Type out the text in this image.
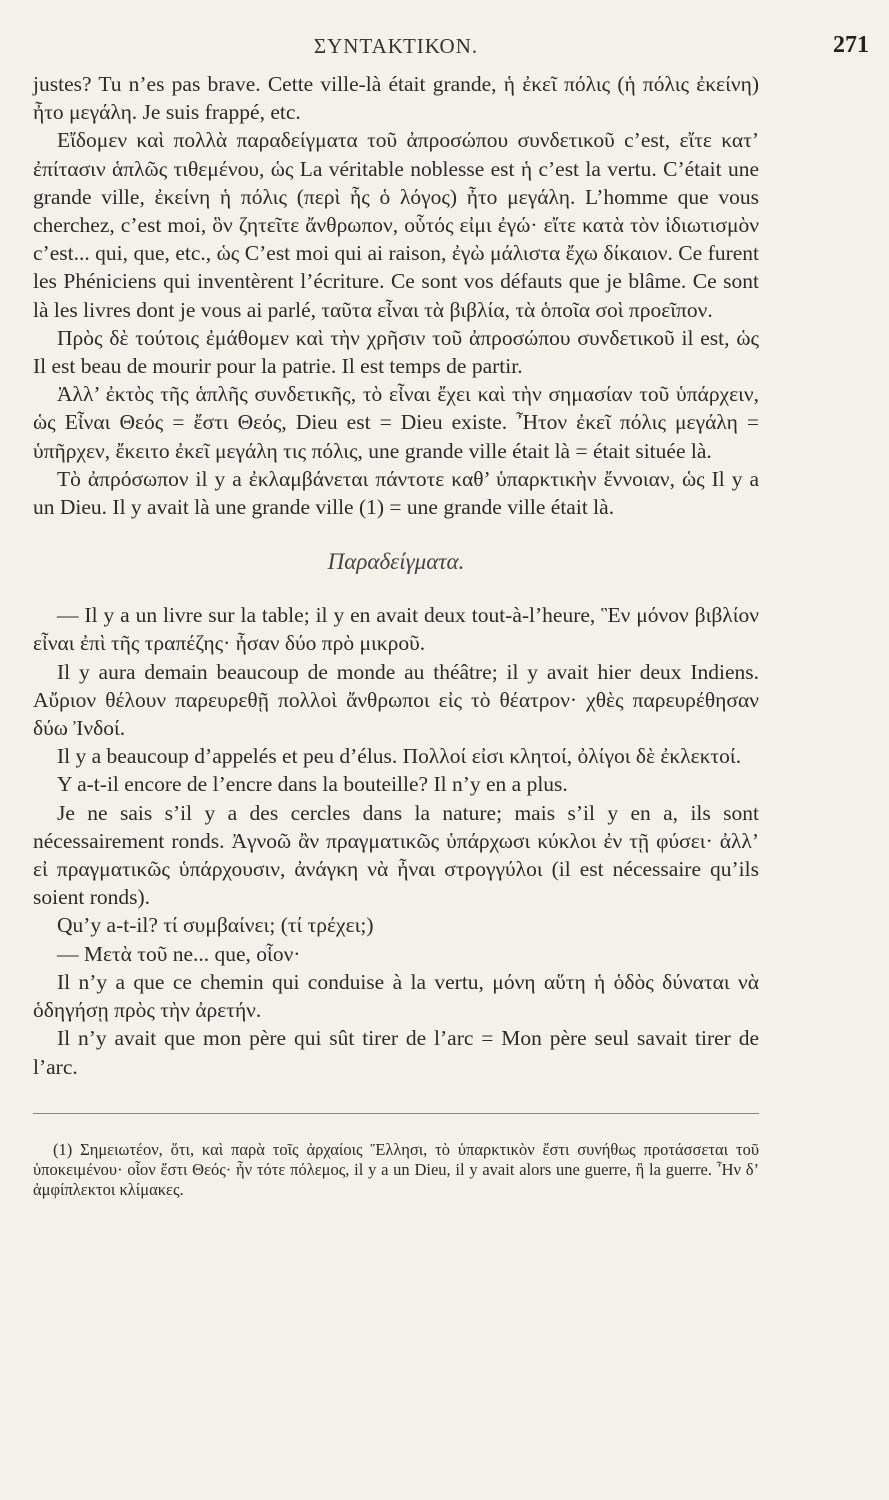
ΣΥΝΤΑΚΤΙΚΟΝ.	271

justes? Tu n’es pas brave. Cette ville-là était grande, ἡ ἐκεῖ πόλις (ἡ πόλις ἐκείνη) ἦτο μεγάλη. Je suis frappé, etc.

Εἴδομεν καὶ πολλὰ παραδείγματα τοῦ ἀπροσώπου συνδετικοῦ c’est, εἴτε κατ’ ἐπίτασιν ἁπλῶς τιθεμένου, ὡς La véritable noblesse est ἡ c’est la vertu. C’était une grande ville, ἐκείνη ἡ πόλις (περὶ ἧς ὁ λόγος) ἦτο μεγάλη. L’homme que vous cherchez, c’est moi, ὃν ζητεῖτε ἄνθρωπον, οὗτός εἰμι ἐγώ· εἴτε κατὰ τὸν ἰδιωτισμὸν c’est... qui, que, etc., ὡς C’est moi qui ai raison, ἐγὼ μάλιστα ἔχω δίκαιον. Ce furent les Phéniciens qui inventèrent l’écriture. Ce sont vos défauts que je blâme. Ce sont là les livres dont je vous ai parlé, ταῦτα εἶναι τὰ βιβλία, τὰ ὁποῖα σοὶ προεῖπον.

Πρὸς δὲ τούτοις ἐμάθομεν καὶ τὴν χρῆσιν τοῦ ἀπροσώπου συνδετικοῦ il est, ὡς Il est beau de mourir pour la patrie. Il est temps de partir.

Ἀλλ’ ἐκτὸς τῆς ἁπλῆς συνδετικῆς, τὸ εἶναι ἔχει καὶ τὴν σημασίαν τοῦ ὑπάρχειν, ὡς Εἶναι Θεός = ἔστι Θεός, Dieu est = Dieu existe. Ἦτον ἐκεῖ πόλις μεγάλη = ὑπῆρχεν, ἔκειτο ἐκεῖ μεγάλη τις πόλις, une grande ville était là = était située là.

Τὸ ἀπρόσωπον il y a ἐκλαμβάνεται πάντοτε καθ’ ὑπαρκτικὴν ἔννοιαν, ὡς Il y a un Dieu. Il y avait là une grande ville (1) = une grande ville était là.

Παραδείγματα.

— Il y a un livre sur la table; il y en avait deux tout-à-l’heure, Ἓν μόνον βιβλίον εἶναι ἐπὶ τῆς τραπέζης· ἦσαν δύο πρὸ μικροῦ.

Il y aura demain beaucoup de monde au théâtre; il y avait hier deux Indiens. Αὔριον θέλουν παρευρεθῇ πολλοὶ ἄνθρωποι εἰς τὸ θέατρον· χθὲς παρευρέθησαν δύω Ἰνδοί.

Il y a beaucoup d’appelés et peu d’élus. Πολλοί εἰσι κλητοί, ὀλίγοι δὲ ἐκλεκτοί.

Y a-t-il encore de l’encre dans la bouteille? Il n’y en a plus.

Je ne sais s’il y a des cercles dans la nature; mais s’il y en a, ils sont nécessairement ronds. Ἀγνοῶ ἂν πραγματικῶς ὑπάρχωσι κύκλοι ἐν τῇ φύσει· ἀλλ’ εἰ πραγματικῶς ὑπάρχουσιν, ἀνάγκη νὰ ἦναι στρογγύλοι (il est nécessaire qu’ils soient ronds).

Qu’y a-t-il? τί συμβαίνει; (τί τρέχει;)

— Μετὰ τοῦ ne... que, οἷον·

Il n’y a que ce chemin qui conduise à la vertu, μόνη αὕτη ἡ ὁδὸς δύναται νὰ ὁδηγήσῃ πρὸς τὴν ἀρετήν.

Il n’y avait que mon père qui sût tirer de l’arc = Mon père seul savait tirer de l’arc.

(1) Σημειωτέον, ὅτι, καὶ παρὰ τοῖς ἀρχαίοις Ἕλλησι, τὸ ὑπαρκτικὸν ἔστι συνήθως προτάσσεται τοῦ ὑποκειμένου· οἷον ἔστι Θεός· ἦν τότε πόλεμος, il y a un Dieu, il y avait alors une guerre, ἢ la guerre. Ἦν δ’ ἀμφίπλεκτοι κλίμακες.
